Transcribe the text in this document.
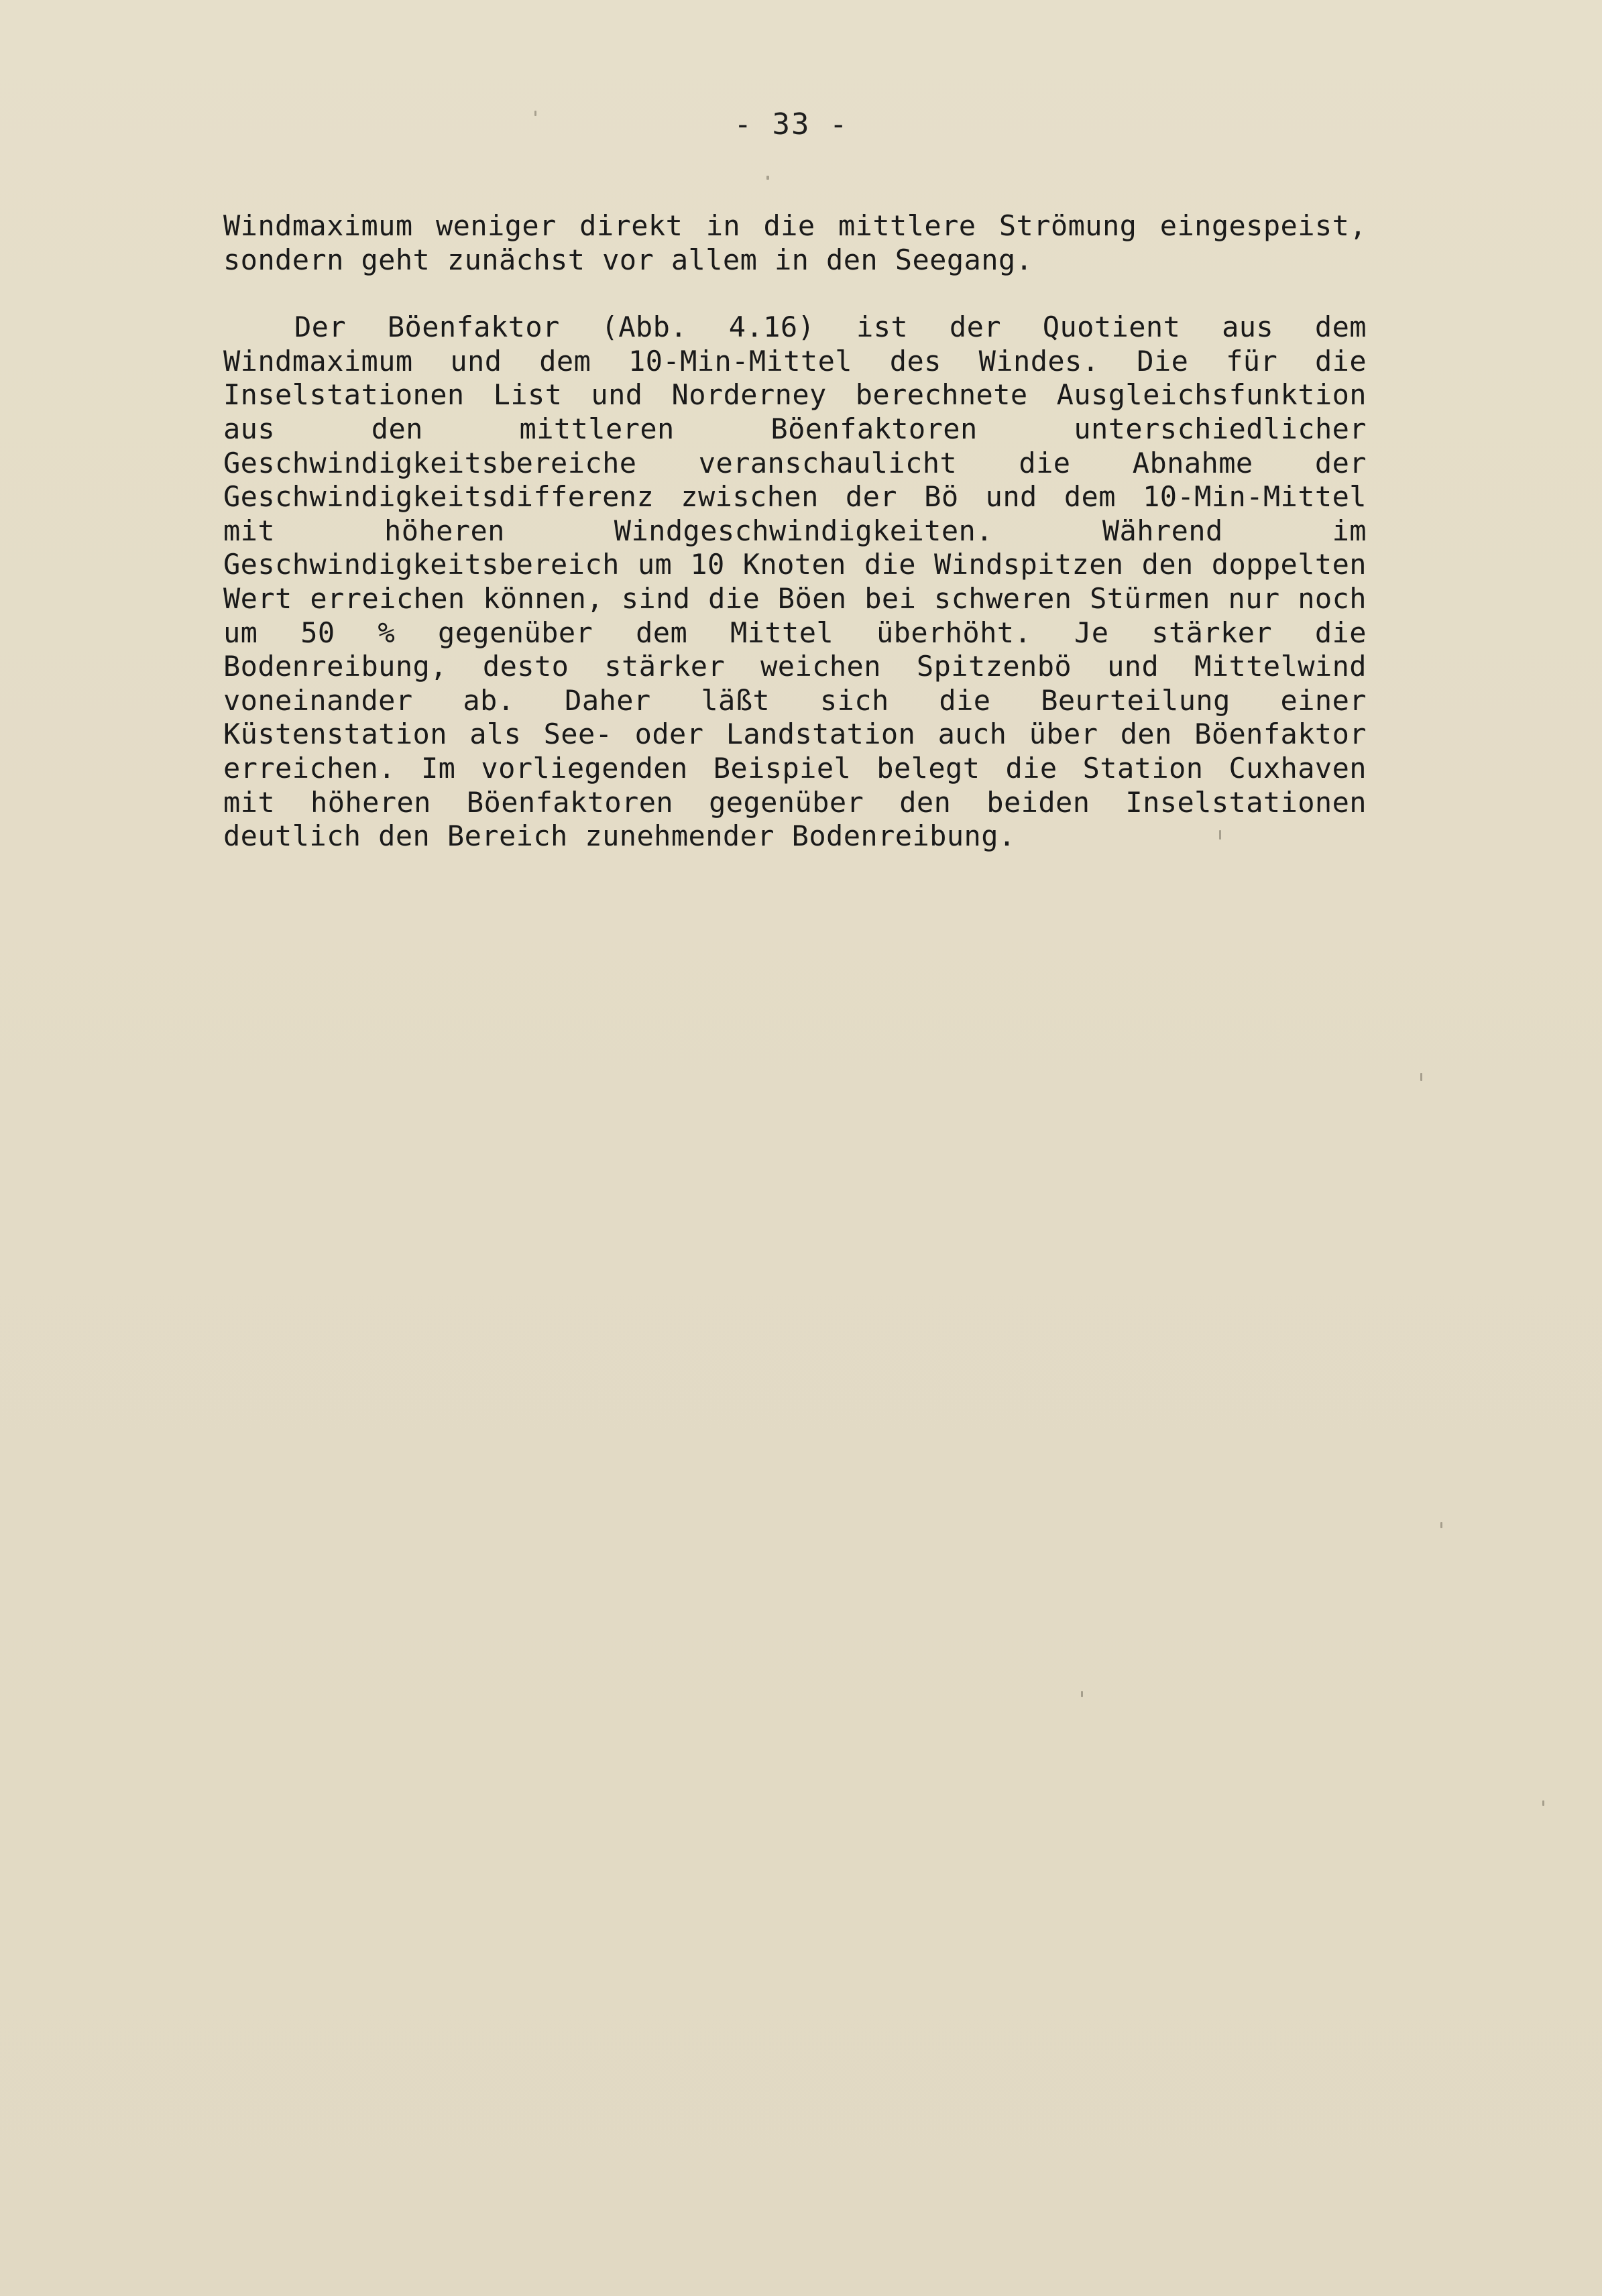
- 33 -

Windmaximum weniger direkt in die mittlere Strömung eingespeist, sondern geht zunächst vor allem in den Seegang.

Der Böenfaktor (Abb. 4.16) ist der Quotient aus dem Windmaximum und dem 10-Min-Mittel des Windes. Die für die Inselstationen List und Norderney berechnete Ausgleichsfunktion aus den mittleren Böenfaktoren unterschiedlicher Geschwindigkeitsbereiche veranschaulicht die Abnahme der Geschwindigkeitsdifferenz zwischen der Bö und dem 10-Min-Mittel mit höheren Windgeschwindigkeiten. Während im Geschwindigkeitsbereich um 10 Knoten die Windspitzen den doppelten Wert erreichen können, sind die Böen bei schweren Stürmen nur noch um 50 % gegenüber dem Mittel überhöht. Je stärker die Bodenreibung, desto stärker weichen Spitzenbö und Mittelwind voneinander ab. Daher läßt sich die Beurteilung einer Küstenstation als See- oder Landstation auch über den Böenfaktor erreichen. Im vorliegenden Beispiel belegt die Station Cuxhaven mit höheren Böenfaktoren gegenüber den beiden Inselstationen deutlich den Bereich zunehmender Bodenreibung.
